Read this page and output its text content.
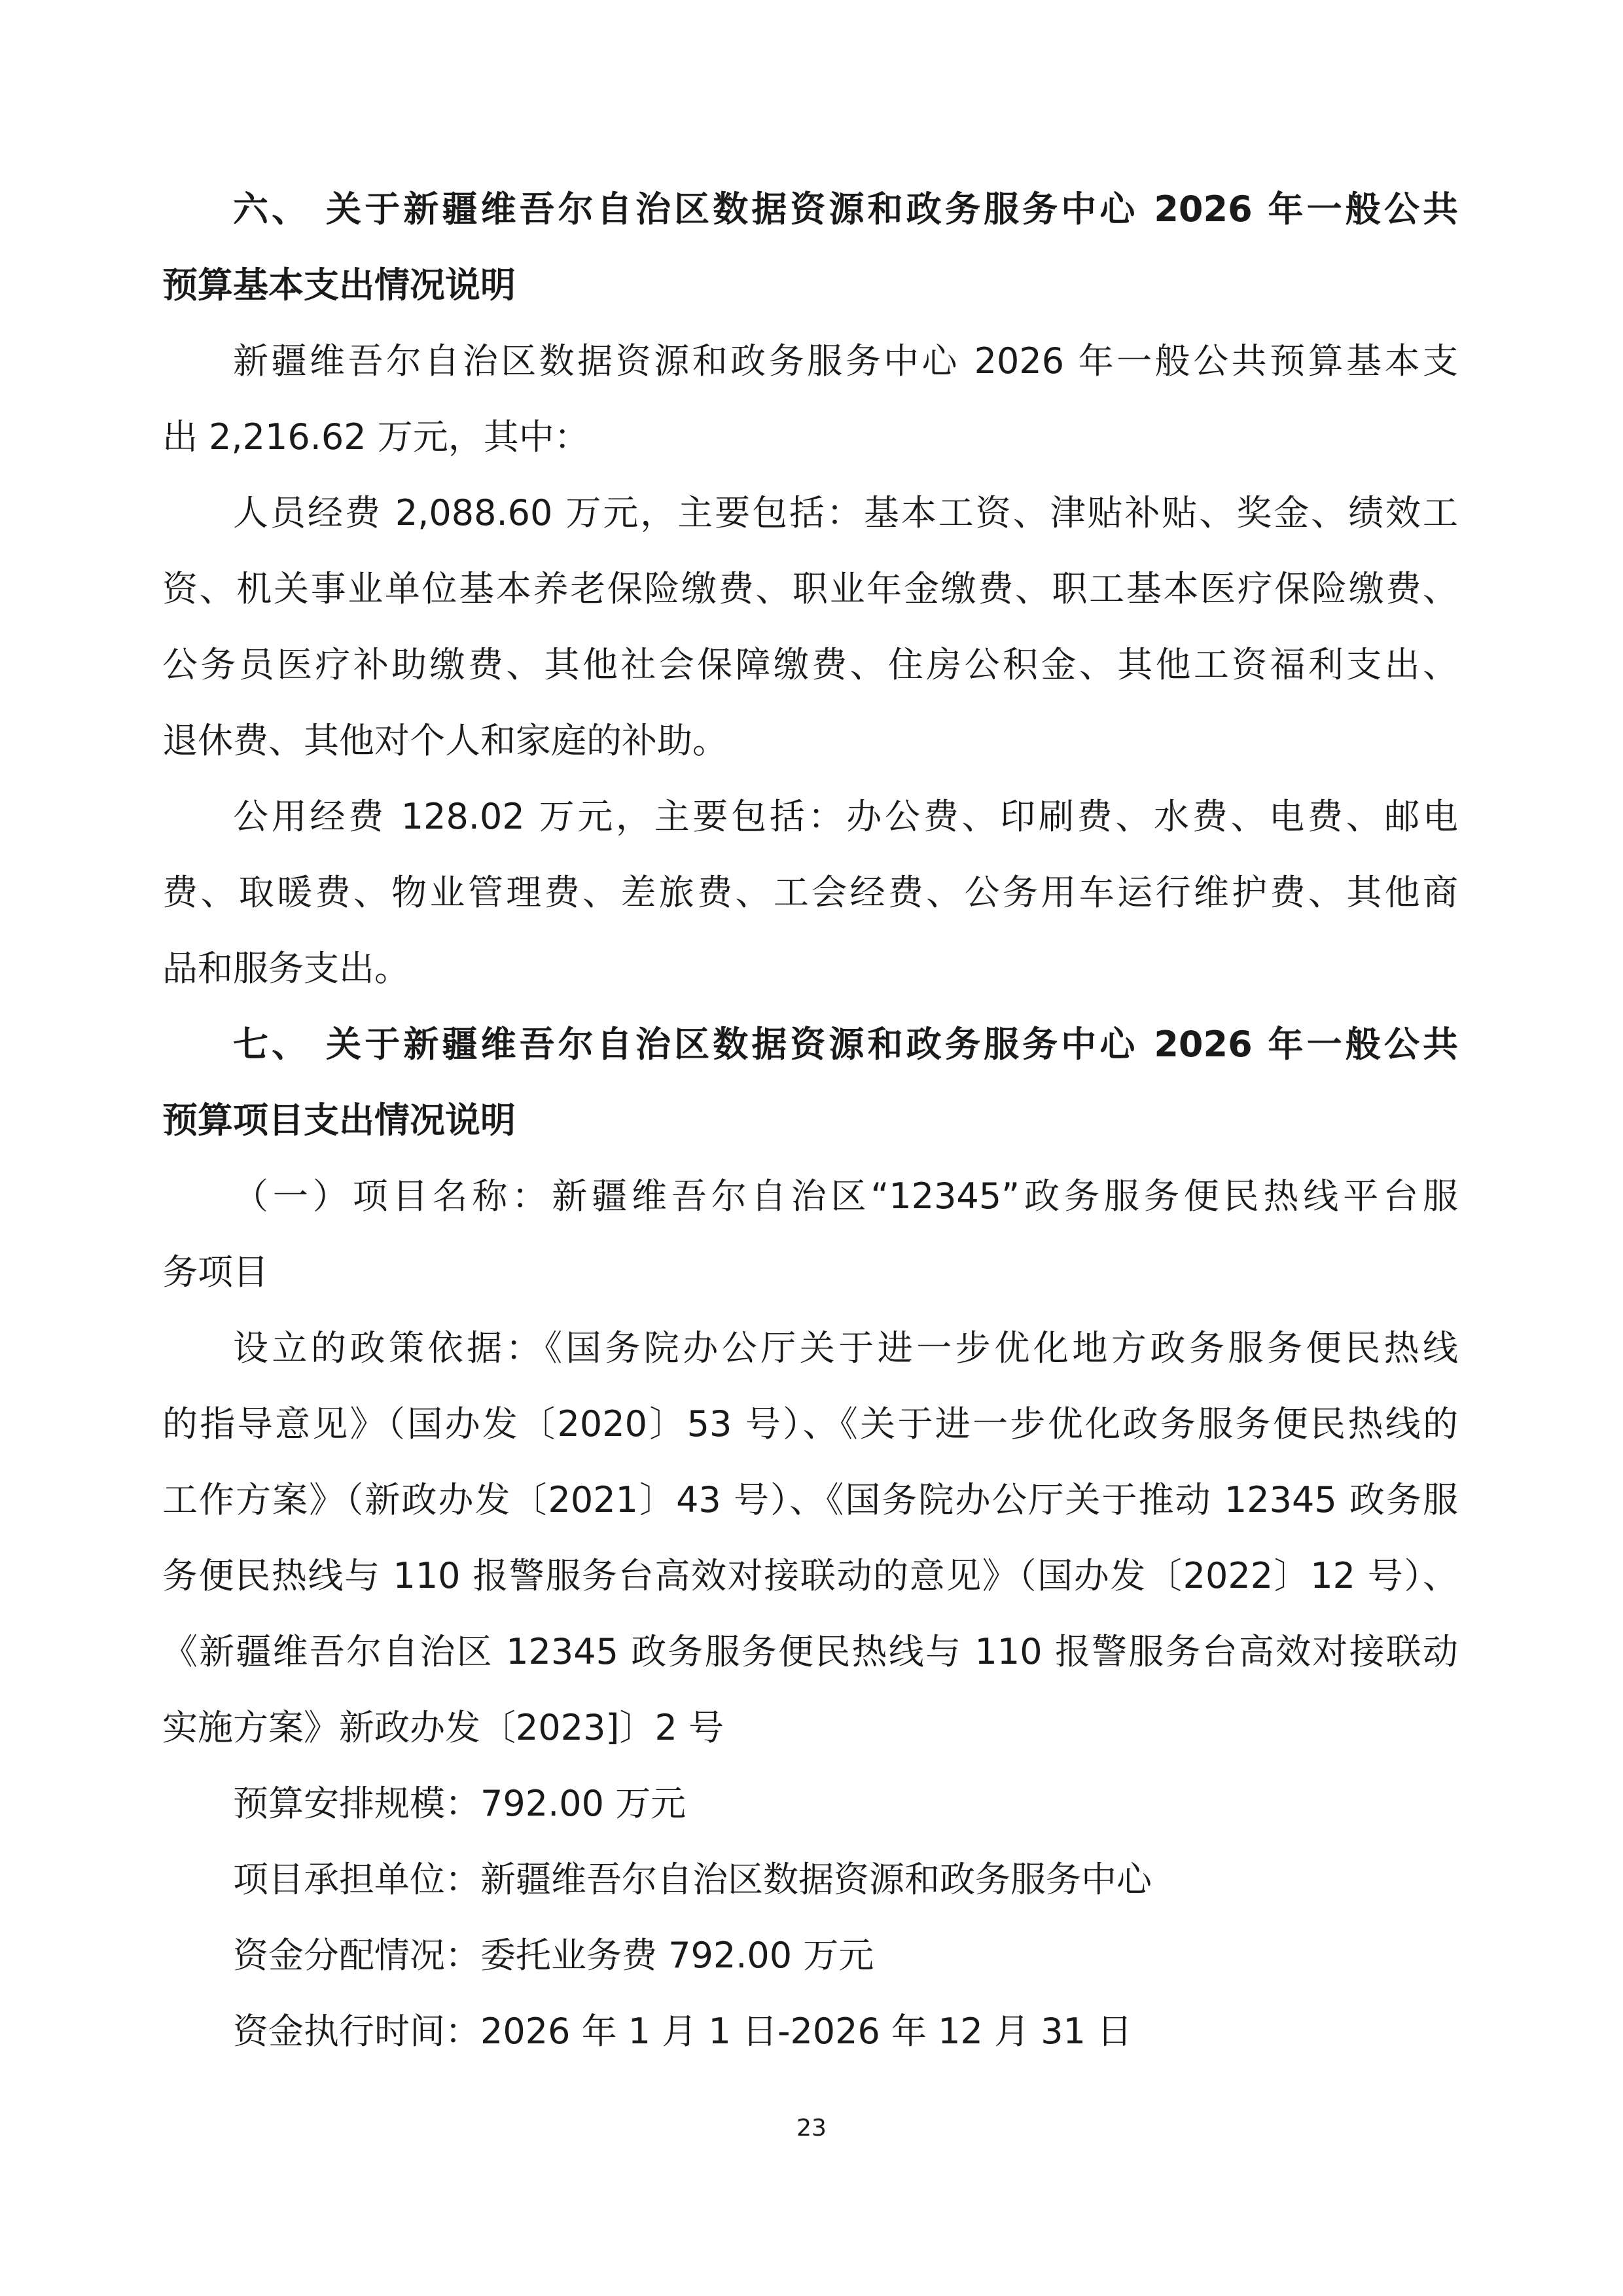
六、 关于新疆维吾尔自治区数据资源和政务服务中心 2026 年一般公共
预算基本支出情况说明
新疆维吾尔自治区数据资源和政务服务中心 2026 年一般公共预算基本支
出 2,216.62 万元，其中：
人员经费 2,088.60 万元，主要包括：基本工资、津贴补贴、奖金、绩效工
资、机关事业单位基本养老保险缴费、职业年金缴费、职工基本医疗保险缴费、
公务员医疗补助缴费、其他社会保障缴费、住房公积金、其他工资福利支出、
退休费、其他对个人和家庭的补助。
公用经费 128.02 万元，主要包括：办公费、印刷费、水费、电费、邮电
费、取暖费、物业管理费、差旅费、工会经费、公务用车运行维护费、其他商
品和服务支出。
七、 关于新疆维吾尔自治区数据资源和政务服务中心 2026 年一般公共
预算项目支出情况说明
（一）项目名称：新疆维吾尔自治区“12345”政务服务便民热线平台服
务项目
设立的政策依据：《国务院办公厅关于进一步优化地方政务服务便民热线
的指导意见》（国办发〔2020〕53 号）、《关于进一步优化政务服务便民热线的
工作方案》（新政办发〔2021〕43 号）、《国务院办公厅关于推动 12345 政务服
务便民热线与 110 报警服务台高效对接联动的意见》（国办发〔2022〕12 号）、
《新疆维吾尔自治区 12345 政务服务便民热线与 110 报警服务台高效对接联动
实施方案》新政办发〔2023]〕2 号
预算安排规模：792.00 万元
项目承担单位：新疆维吾尔自治区数据资源和政务服务中心
资金分配情况：委托业务费 792.00 万元
资金执行时间：2026 年 1 月 1 日-2026 年 12 月 31 日
23
